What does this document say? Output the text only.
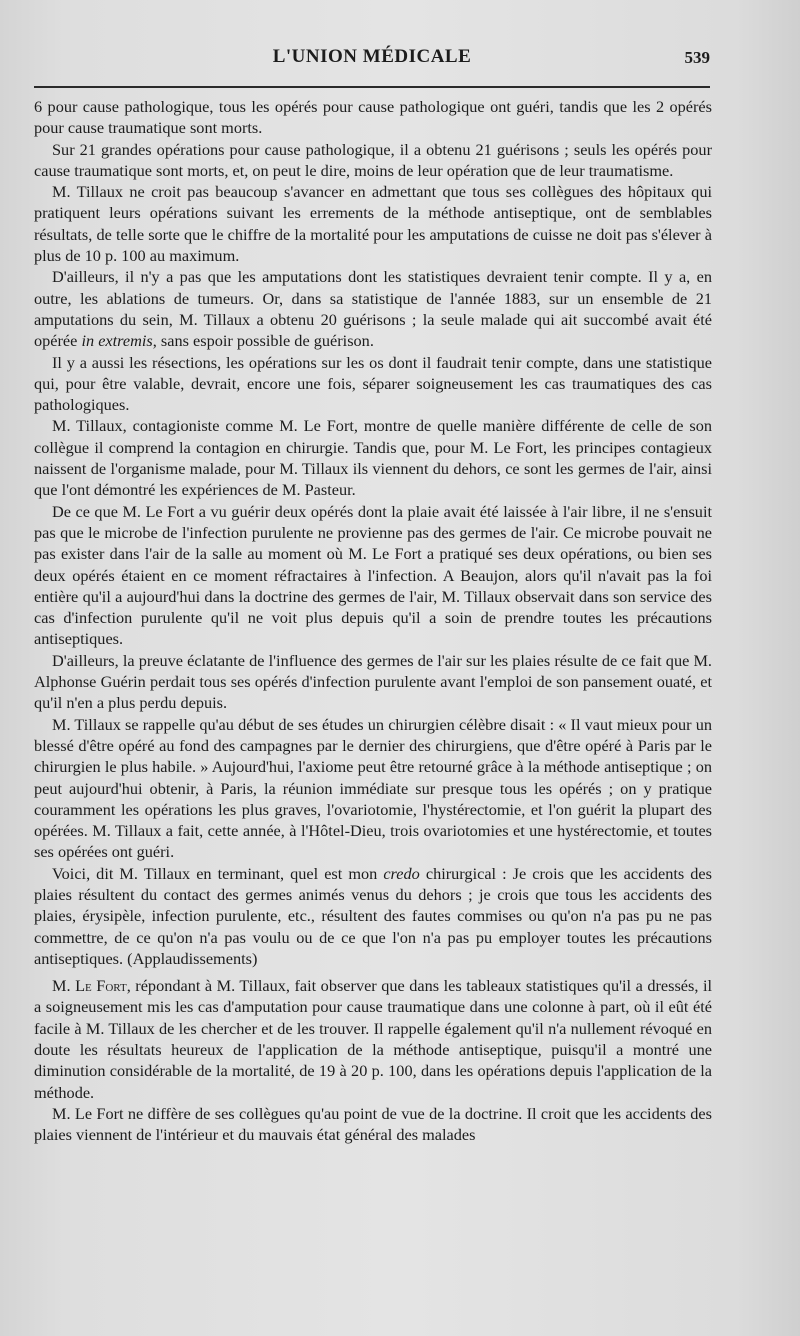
L'UNION MÉDICALE	539

6 pour cause pathologique, tous les opérés pour cause pathologique ont guéri, tandis que les 2 opérés pour cause traumatique sont morts.

Sur 21 grandes opérations pour cause pathologique, il a obtenu 21 guérisons ; seuls les opérés pour cause traumatique sont morts, et, on peut le dire, moins de leur opération que de leur traumatisme.

M. Tillaux ne croit pas beaucoup s'avancer en admettant que tous ses collègues des hôpitaux qui pratiquent leurs opérations suivant les errements de la méthode antiseptique, ont de semblables résultats, de telle sorte que le chiffre de la mortalité pour les amputations de cuisse ne doit pas s'élever à plus de 10 p. 100 au maximum.

D'ailleurs, il n'y a pas que les amputations dont les statistiques devraient tenir compte. Il y a, en outre, les ablations de tumeurs. Or, dans sa statistique de l'année 1883, sur un ensemble de 21 amputations du sein, M. Tillaux a obtenu 20 guérisons ; la seule malade qui ait succombé avait été opérée in extremis, sans espoir possible de guérison.

Il y a aussi les résections, les opérations sur les os dont il faudrait tenir compte, dans une statistique qui, pour être valable, devrait, encore une fois, séparer soigneusement les cas traumatiques des cas pathologiques.

M. Tillaux, contagioniste comme M. Le Fort, montre de quelle manière différente de celle de son collègue il comprend la contagion en chirurgie. Tandis que, pour M. Le Fort, les principes contagieux naissent de l'organisme malade, pour M. Tillaux ils viennent du dehors, ce sont les germes de l'air, ainsi que l'ont démontré les expériences de M. Pasteur.

De ce que M. Le Fort a vu guérir deux opérés dont la plaie avait été laissée à l'air libre, il ne s'ensuit pas que le microbe de l'infection purulente ne provienne pas des germes de l'air. Ce microbe pouvait ne pas exister dans l'air de la salle au moment où M. Le Fort a pratiqué ses deux opérations, ou bien ses deux opérés étaient en ce moment réfractaires à l'infection. A Beaujon, alors qu'il n'avait pas la foi entière qu'il a aujourd'hui dans la doctrine des germes de l'air, M. Tillaux observait dans son service des cas d'infection purulente qu'il ne voit plus depuis qu'il a soin de prendre toutes les précautions antiseptiques.

D'ailleurs, la preuve éclatante de l'influence des germes de l'air sur les plaies résulte de ce fait que M. Alphonse Guérin perdait tous ses opérés d'infection purulente avant l'emploi de son pansement ouaté, et qu'il n'en a plus perdu depuis.

M. Tillaux se rappelle qu'au début de ses études un chirurgien célèbre disait : « Il vaut mieux pour un blessé d'être opéré au fond des campagnes par le dernier des chirurgiens, que d'être opéré à Paris par le chirurgien le plus habile. » Aujourd'hui, l'axiome peut être retourné grâce à la méthode antiseptique ; on peut aujourd'hui obtenir, à Paris, la réunion immédiate sur presque tous les opérés ; on y pratique couramment les opérations les plus graves, l'ovariotomie, l'hystérectomie, et l'on guérit la plupart des opérées. M. Tillaux a fait, cette année, à l'Hôtel-Dieu, trois ovariotomies et une hystérectomie, et toutes ses opérées ont guéri.

Voici, dit M. Tillaux en terminant, quel est mon credo chirurgical : Je crois que les accidents des plaies résultent du contact des germes animés venus du dehors ; je crois que tous les accidents des plaies, érysipèle, infection purulente, etc., résultent des fautes commises ou qu'on n'a pas pu ne pas commettre, de ce qu'on n'a pas voulu ou de ce que l'on n'a pas pu employer toutes les précautions antiseptiques. (Applaudissements)

M. Le Fort, répondant à M. Tillaux, fait observer que dans les tableaux statistiques qu'il a dressés, il a soigneusement mis les cas d'amputation pour cause traumatique dans une colonne à part, où il eût été facile à M. Tillaux de les chercher et de les trouver. Il rappelle également qu'il n'a nullement révoqué en doute les résultats heureux de l'application de la méthode antiseptique, puisqu'il a montré une diminution considérable de la mortalité, de 19 à 20 p. 100, dans les opérations depuis l'application de la méthode.

M. Le Fort ne diffère de ses collègues qu'au point de vue de la doctrine. Il croit que les accidents des plaies viennent de l'intérieur et du mauvais état général des malades
